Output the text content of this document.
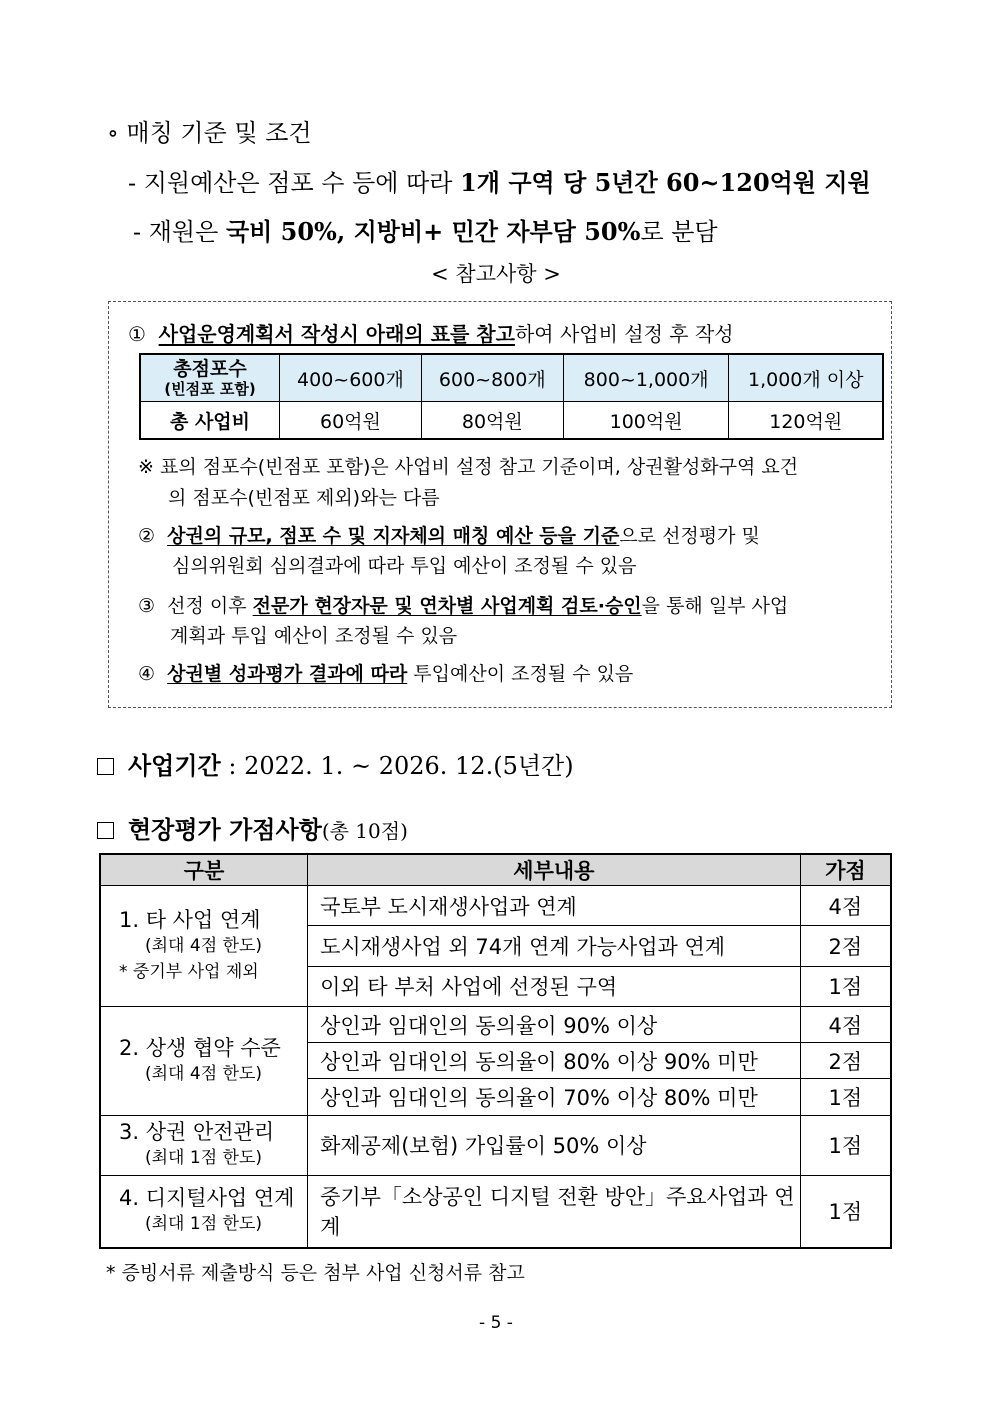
∘ 매칭 기준 및 조건
- 지원예산은 점포 수 등에 따라 1개 구역 당 5년간 60~120억원 지원
- 재원은 국비 50%, 지방비+ 민간 자부담 50%로 분담
< 참고사항 >
① 사업운영계획서 작성시 아래의 표를 참고하여 사업비 설정 후 작성
총점포수
(빈점포 포함)	400~600개	600~800개	800~1,000개	1,000개 이상
총 사업비	60억원	80억원	100억원	120억원
※ 표의 점포수(빈점포 포함)은 사업비 설정 참고 기준이며, 상권활성화구역 요건
의 점포수(빈점포 제외)와는 다름
② 상권의 규모, 점포 수 및 지자체의 매칭 예산 등을 기준으로 선정평가 및
심의위원회 심의결과에 따라 투입 예산이 조정될 수 있음
③ 선정 이후 전문가 현장자문 및 연차별 사업계획 검토·승인을 통해 일부 사업
계획과 투입 예산이 조정될 수 있음
④ 상권별 성과평가 결과에 따라 투입예산이 조정될 수 있음
사업기간 : 2022. 1. ~ 2026. 12.(5년간)
현장평가 가점사항(총 10점)
구분	세부내용	가점
1. 타 사업 연계
(최대 4점 한도)
* 중기부 사업 제외	국토부 도시재생사업과 연계	4점
	도시재생사업 외 74개 연계 가능사업과 연계	2점
	이외 타 부처 사업에 선정된 구역	1점
2. 상생 협약 수준
(최대 4점 한도)	상인과 임대인의 동의율이 90% 이상	4점
	상인과 임대인의 동의율이 80% 이상 90% 미만	2점
	상인과 임대인의 동의율이 70% 이상 80% 미만	1점
3. 상권 안전관리
(최대 1점 한도)	화제공제(보험) 가입률이 50% 이상	1점
4. 디지털사업 연계
(최대 1점 한도)	중기부「소상공인 디지털 전환 방안」주요사업과 연계	1점
* 증빙서류 제출방식 등은 첨부 사업 신청서류 참고
- 5 -
